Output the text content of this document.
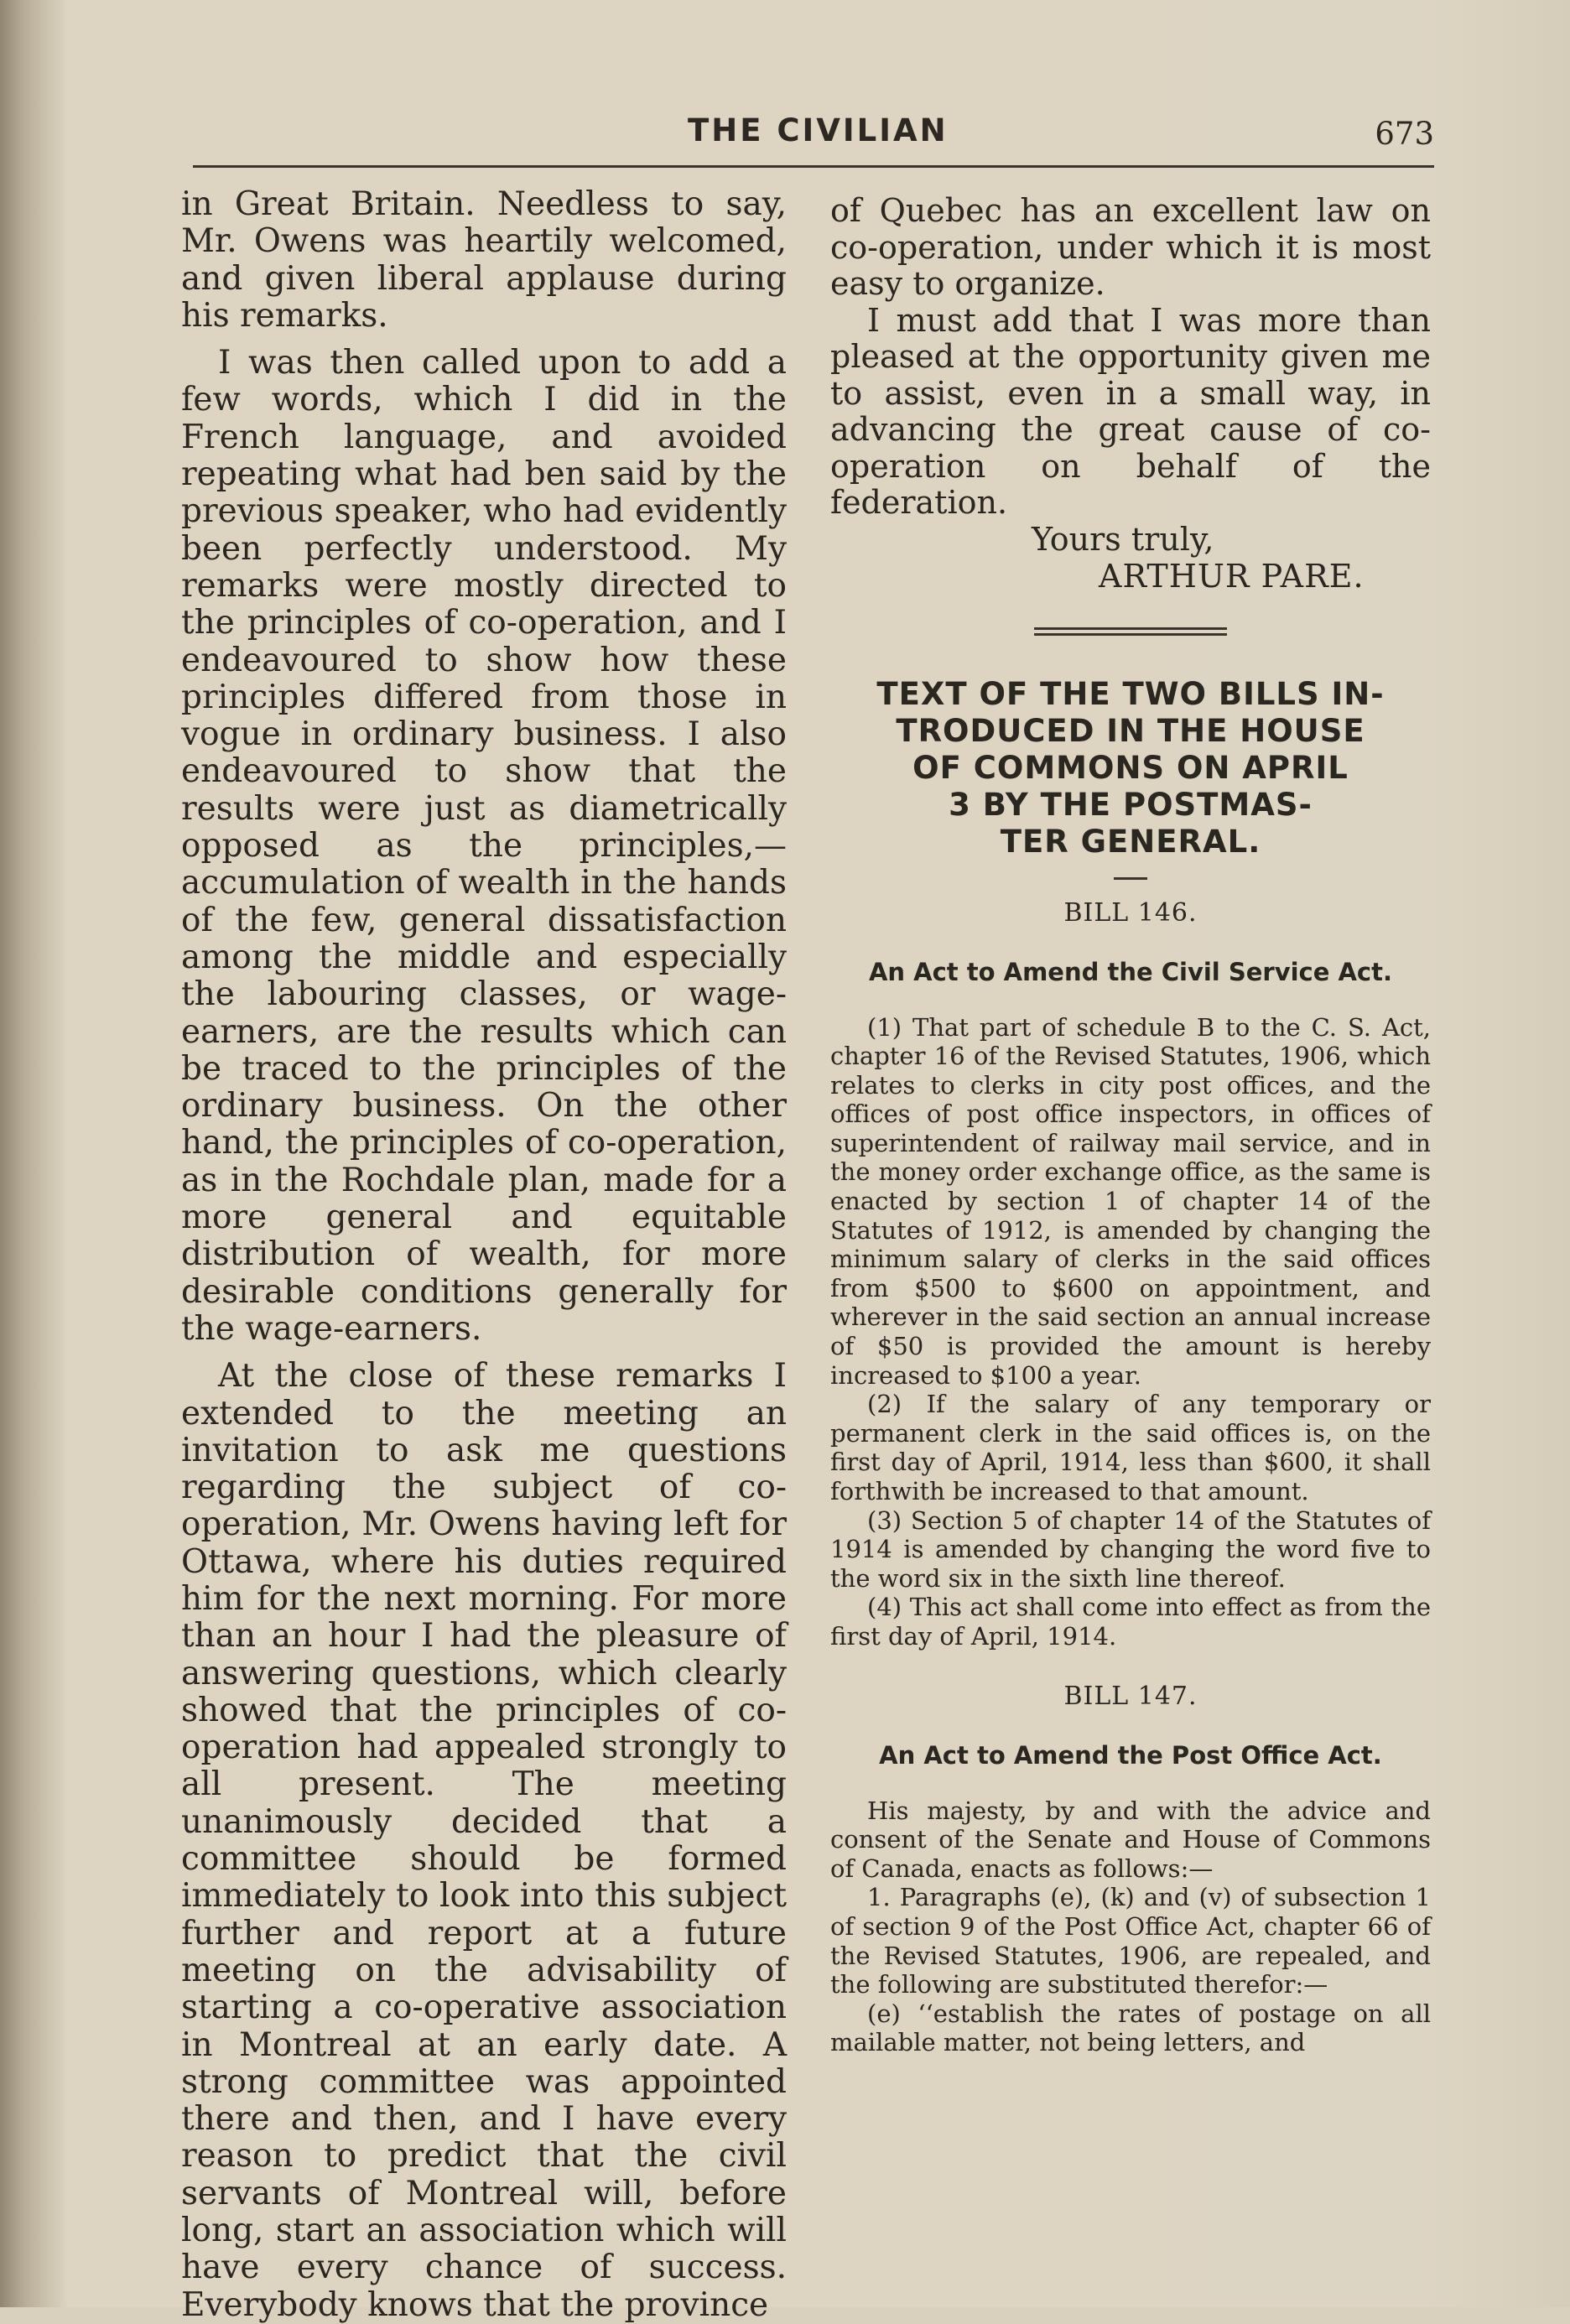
THE CIVILIAN	673

in Great Britain. Needless to say, Mr. Owens was heartily welcomed, and given liberal applause during his remarks.

I was then called upon to add a few words, which I did in the French language, and avoided repeating what had ben said by the previous speaker, who had evidently been perfectly understood. My remarks were mostly directed to the principles of co-operation, and I endeavoured to show how these principles differed from those in vogue in ordinary business. I also endeavoured to show that the results were just as diametrically opposed as the principles,—accumulation of wealth in the hands of the few, general dissatisfaction among the middle and especially the labouring classes, or wage-earners, are the results which can be traced to the principles of the ordinary business. On the other hand, the principles of co-operation, as in the Rochdale plan, made for a more general and equitable distribution of wealth, for more desirable conditions generally for the wage-earners.

At the close of these remarks I extended to the meeting an invitation to ask me questions regarding the subject of co-operation, Mr. Owens having left for Ottawa, where his duties required him for the next morning. For more than an hour I had the pleasure of answering questions, which clearly showed that the principles of co-operation had appealed strongly to all present. The meeting unanimously decided that a committee should be formed immediately to look into this subject further and report at a future meeting on the advisability of starting a co-operative association in Montreal at an early date. A strong committee was appointed there and then, and I have every reason to predict that the civil servants of Montreal will, before long, start an association which will have every chance of success. Everybody knows that the province

of Quebec has an excellent law on co-operation, under which it is most easy to organize.

I must add that I was more than pleased at the opportunity given me to assist, even in a small way, in advancing the great cause of co-operation on behalf of the federation.

Yours truly,
ARTHUR PARE.

TEXT OF THE TWO BILLS IN-

TRODUCED IN THE HOUSE

OF COMMONS ON APRIL

3 BY THE POSTMAS-

TER GENERAL.

BILL 146.

An Act to Amend the Civil Service Act.

(1) That part of schedule B to the C. S. Act, chapter 16 of the Revised Statutes, 1906, which relates to clerks in city post offices, and the offices of post office inspectors, in offices of superintendent of railway mail service, and in the money order exchange office, as the same is enacted by section 1 of chapter 14 of the Statutes of 1912, is amended by changing the minimum salary of clerks in the said offices from $500 to $600 on appointment, and wherever in the said section an annual increase of $50 is provided the amount is hereby increased to $100 a year.

(2) If the salary of any temporary or permanent clerk in the said offices is, on the first day of April, 1914, less than $600, it shall forthwith be increased to that amount.

(3) Section 5 of chapter 14 of the Statutes of 1914 is amended by changing the word five to the word six in the sixth line thereof.

(4) This act shall come into effect as from the first day of April, 1914.

BILL 147.

An Act to Amend the Post Office Act.

His majesty, by and with the advice and consent of the Senate and House of Commons of Canada, enacts as follows:—

1. Paragraphs (e), (k) and (v) of subsection 1 of section 9 of the Post Office Act, chapter 66 of the Revised Statutes, 1906, are repealed, and the following are substituted therefor:—

(e) ‘‘establish the rates of postage on all mailable matter, not being letters, and
